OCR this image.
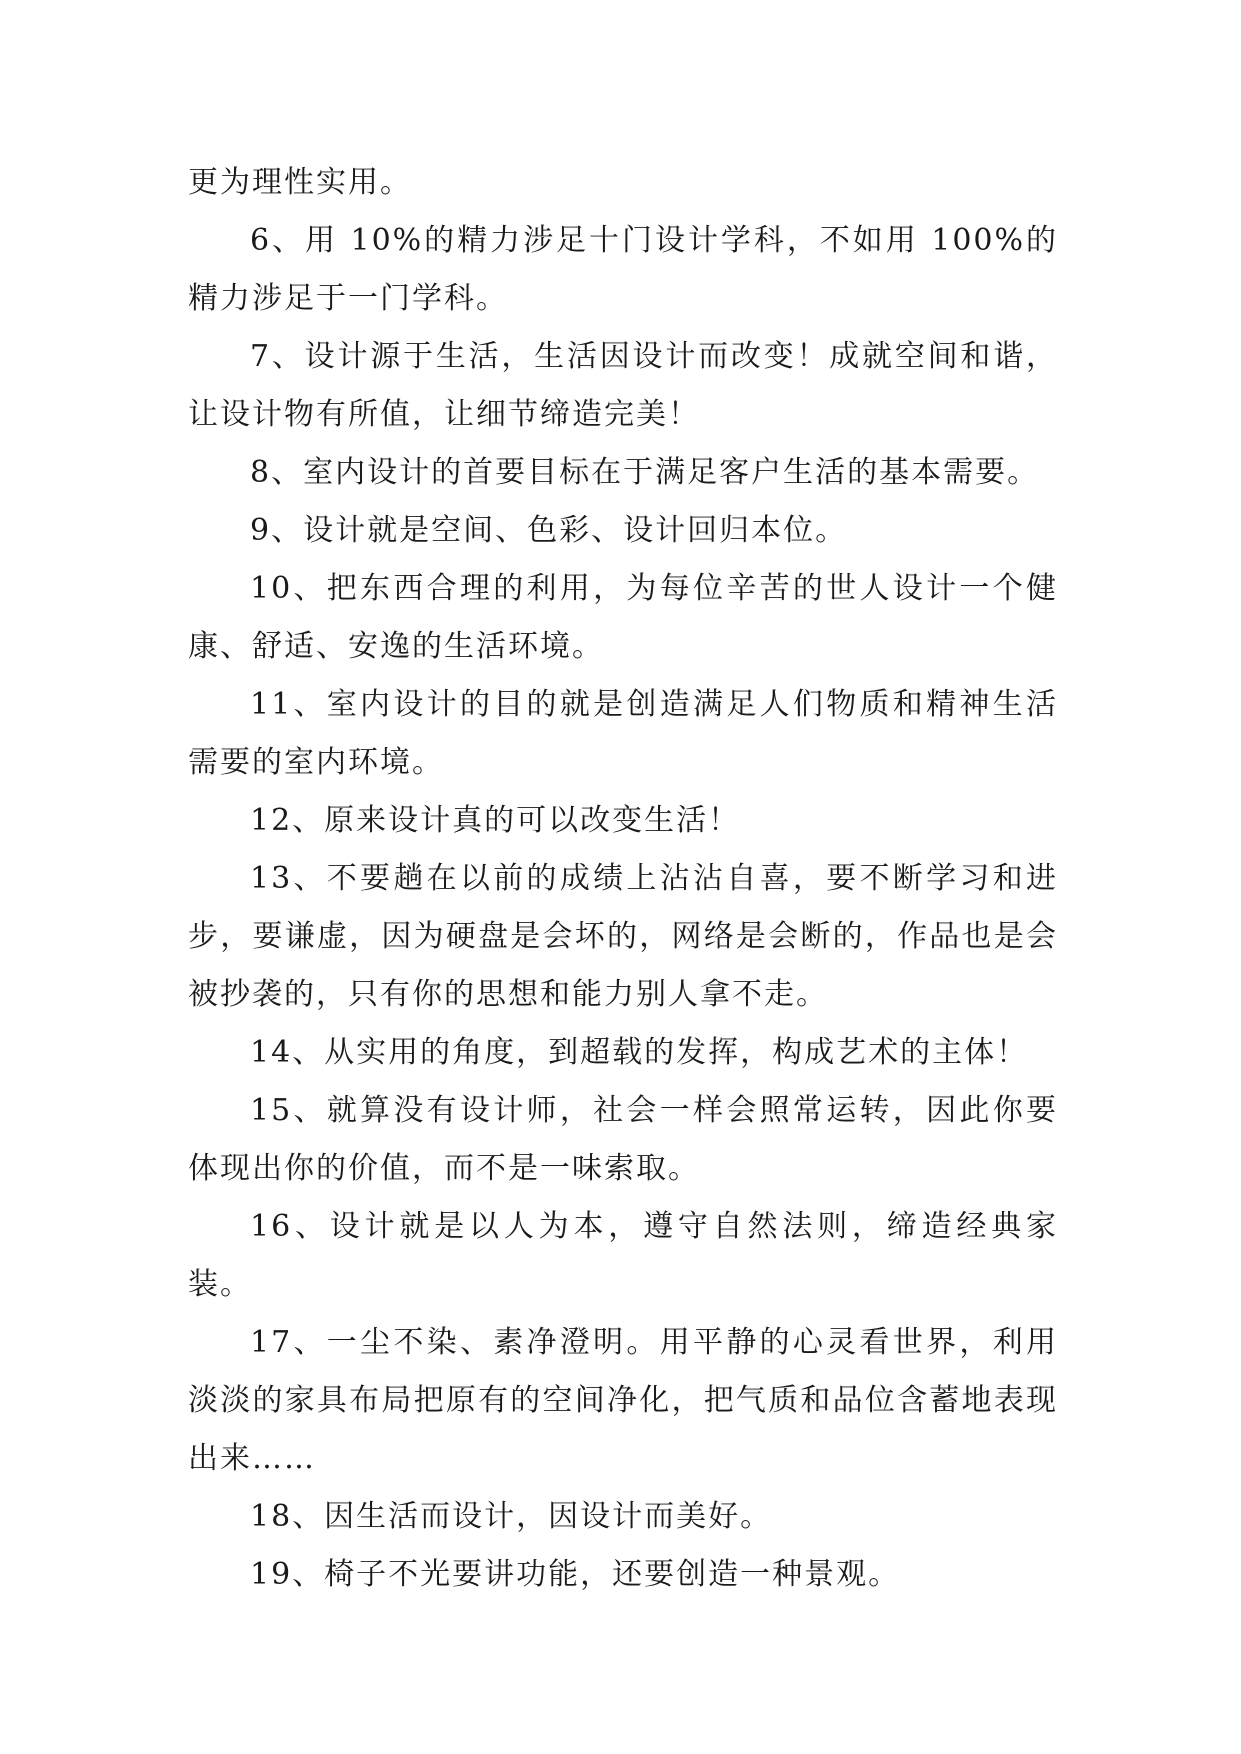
更为理性实用。

6、用 10%的精力涉足十门设计学科，不如用 100%的精力涉足于一门学科。

7、设计源于生活，生活因设计而改变！成就空间和谐，让设计物有所值，让细节缔造完美！

8、室内设计的首要目标在于满足客户生活的基本需要。

9、设计就是空间、色彩、设计回归本位。

10、把东西合理的利用，为每位辛苦的世人设计一个健康、舒适、安逸的生活环境。

11、室内设计的目的就是创造满足人们物质和精神生活需要的室内环境。

12、原来设计真的可以改变生活！

13、不要趟在以前的成绩上沾沾自喜，要不断学习和进步，要谦虚，因为硬盘是会坏的，网络是会断的，作品也是会被抄袭的，只有你的思想和能力别人拿不走。

14、从实用的角度，到超载的发挥，构成艺术的主体！

15、就算没有设计师，社会一样会照常运转，因此你要体现出你的价值，而不是一味索取。

16、设计就是以人为本，遵守自然法则，缔造经典家装。

17、一尘不染、素净澄明。用平静的心灵看世界，利用淡淡的家具布局把原有的空间净化，把气质和品位含蓄地表现出来……

18、因生活而设计，因设计而美好。

19、椅子不光要讲功能，还要创造一种景观。
